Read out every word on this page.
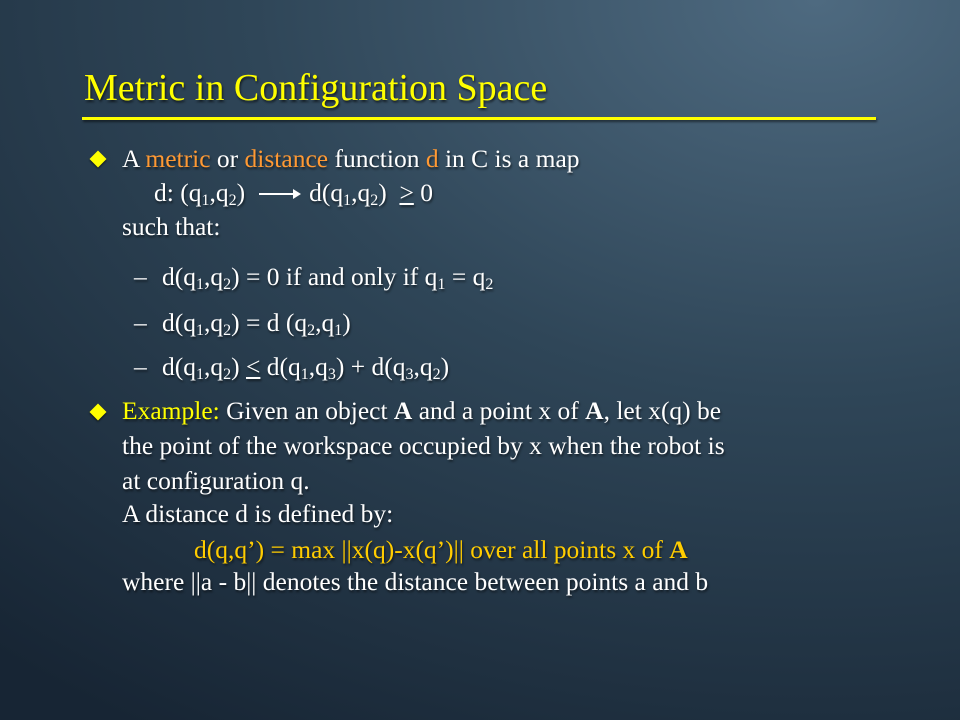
Metric in Configuration Space
A metric or distance function d in C is a map
d: $(q_1,q_2)$	$d(q_1,q_2) \ge 0$
such that:
– $d(q_1,q_2) = 0$ if and only if $q_1 = q_2$
– $d(q_1,q_2) = d$ $(q_2,q_1)$
– $d(q_1,q_2) < d(q_1,q_3) + d(q_3,q_2)$
Example: Given an object A and a point x of A, let x(q) be
the point of the workspace occupied by x when the robot is
at configuration q.
A distance d is defined by:
d(q,q’) = max ||x(q)-x(q’)|| over all points x of A
where ||a - b|| denotes the distance between points a and b
